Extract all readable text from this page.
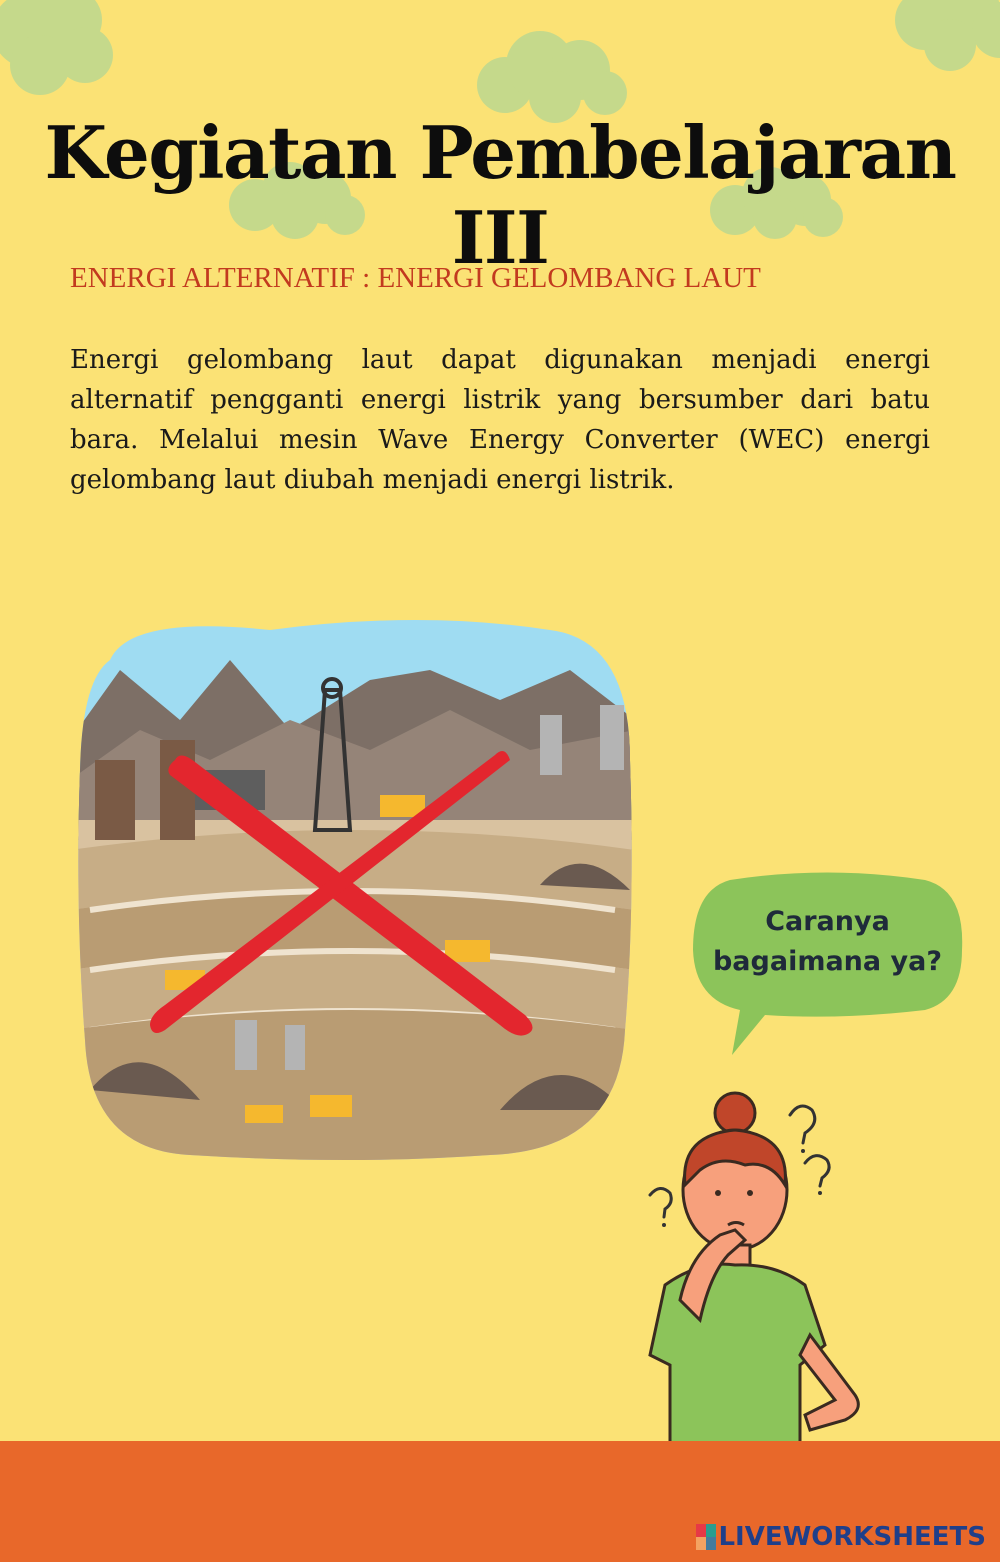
Kegiatan Pembelajaran III
ENERGI ALTERNATIF : ENERGI GELOMBANG LAUT

Energi gelombang laut dapat digunakan menjadi energi alternatif pengganti energi listrik yang bersumber dari batu bara. Melalui mesin Wave Energy Converter (WEC) energi gelombang laut diubah menjadi energi listrik.

Caranya
bagaimana ya?
LIVEWORKSHEETS
